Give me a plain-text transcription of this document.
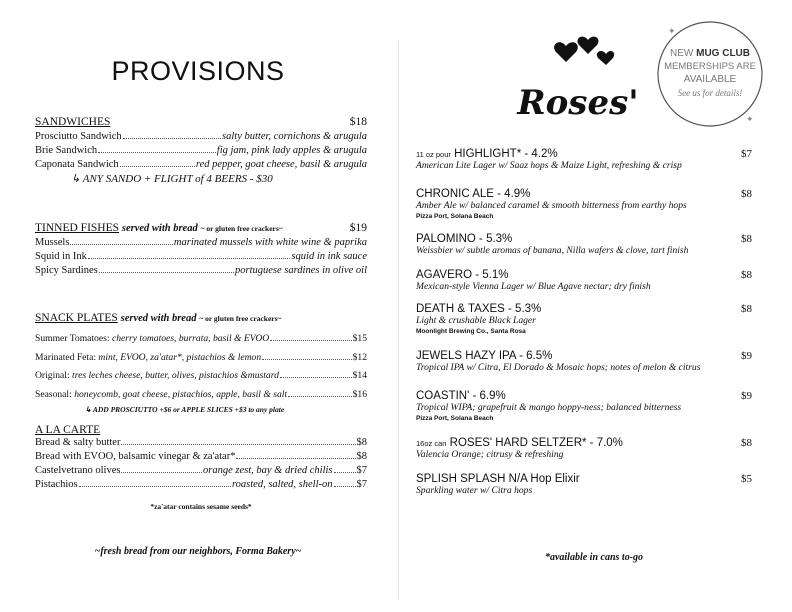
PROVISIONS
SANDWICHES	$18
Prosciutto Sandwich	salty butter, cornichons & arugula
Brie Sandwich	fig jam, pink lady apples & arugula
Caponata Sandwich	red pepper, goat cheese, basil & arugula
↳ ANY SANDO + FLIGHT of 4 BEERS - $30
TINNED FISHES served with bread ~ or gluten free crackers~	$19
Mussels	marinated mussels with white wine & paprika
Squid in Ink	squid in ink sauce
Spicy Sardines	portuguese sardines in olive oil
SNACK PLATES served with bread ~ or gluten free crackers~
Summer Tomatoes:
cherry tomatoes, burrata, basil & EVOO	$15
Marinated Feta:
mint, EVOO, za'atar*, pistachios & lemon	$12
Original:
tres leches cheese, butter, olives, pistachios &mustard	$14
Seasonal:
honeycomb, goat cheese, pistachios, apple, basil & salt	$16
↳ ADD PROSCIUTTO +$6 or APPLE SLICES +$3 to any plate
A LA CARTE
Bread & salty butter	$8
Bread with EVOO, balsamic vinegar & za'atar*	$8
Castelvetrano olives	orange zest, bay & dried chilis $7
Pistachios	roasted, salted, shell-on $7
*za'atar contains sesame seeds*
~fresh bread from our neighbors, Forma Bakery~
Roses'
✦
✦
NEW MUG CLUB
MEMBERSHIPS ARE
AVAILABLE
See us for details!
11 oz pour HIGHLIGHT* - 4.2%	$7
American Lite Lager w/ Saaz hops & Maize Light, refreshing & crisp
CHRONIC ALE - 4.9%	$8
Amber Ale w/ balanced caramel & smooth bitterness from earthy hops
Pizza Port, Solana Beach
PALOMINO - 5.3%	$8
Weissbier w/ subtle aromas of banana, Nilla wafers & clove, tart finish
AGAVERO - 5.1%	$8
Mexican-style Vienna Lager w/ Blue Agave nectar; dry finish
DEATH & TAXES - 5.3%	$8
Light & crushable Black Lager
Moonlight Brewing Co., Santa Rosa
JEWELS HAZY IPA - 6.5%	$9
Tropical IPA w/ Citra, El Dorado & Mosaic hops; notes of melon & citrus
COASTIN' - 6.9%	$9
Tropical WIPA; grapefruit & mango hoppy-ness; balanced bitterness
Pizza Port, Solana Beach
16oz can ROSES' HARD SELTZER* - 7.0%	$8
Valencia Orange; citrusy & refreshing
SPLISH SPLASH N/A Hop Elixir	$5
Sparkling water w/ Citra hops
*available in cans to-go
